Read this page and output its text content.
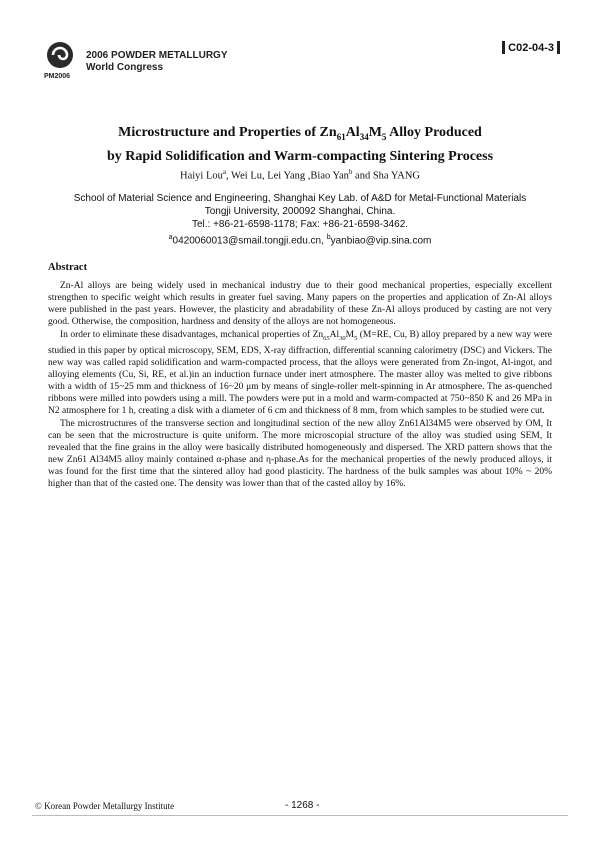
PM2006
2006 POWDER METALLURGY
World Congress
C02-04-3
Microstructure and Properties of $Zn_{61}Al_{34}M_5$ Alloy Produced
by Rapid Solidification and Warm-compacting Sintering Process
Haiyi Lou$^a$, Wei Lu, Lei Yang ,Biao Yan$^b$ and Sha YANG
School of Material Science and Engineering, Shanghai Key Lab. of A&D for Metal-Functional Materials
Tongji University, 200092 Shanghai, China.
Tel.: +86-21-6598-1178; Fax: +86-21-6598-3462.
$^a$0420060013@smail.tongji.edu.cn, $^b$yanbiao@vip.sina.com
Abstract

Zn-Al alloys are being widely used in mechanical industry due to their good mechanical properties, especially excellent strengthen to specific weight which results in greater fuel saving. Many papers on the properties and application of Zn-Al alloys were published in the past years. However, the plasticity and abradability of these Zn-Al alloys produced by casting are not very good. Otherwise, the composition, hardness and density of the alloys are not homogeneous.

In order to eliminate these disadvantages, mchanical properties of $Zn_{65}Al_{30}M_5$ (M=RE, Cu, B) alloy prepared by a new way were studied in this paper by optical microscopy, SEM, EDS, X-ray diffraction, differential scanning calorimetry (DSC) and Vickers. The new way was called rapid solidification and warm-compacted process, that the alloys were generated from Zn-ingot, Al-ingot, and alloying elements (Cu, Si, RE, et al.)in an induction furnace under inert atmosphere. The master alloy was melted to give ribbons with a width of 15~25 mm and thickness of 16~20 μm by means of single-roller melt-spinning in Ar atmosphere. The as-quenched ribbons were milled into powders using a mill. The powders were put in a mold and warm-compacted at 750~850 K and 26 MPa in N2 atmosphere for 1 h, creating a disk with a diameter of 6 cm and thickness of 8 mm, from which samples to be studied were cut.

The microstructures of the transverse section and longitudinal section of the new alloy Zn61Al34M5 were observed by OM, It can be seen that the microstructure is quite uniform. The more microscopial structure of the alloy was studied using SEM, It revealed that the fine grains in the alloy were basically distributed homogeneously and dispersed. The XRD pattern shows that the new Zn61 Al34M5 alloy mainly contained α-phase and η-phase.As for the mechanical properties of the newly produced alloys, it was found for the first time that the sintered alloy had good plasticity. The hardness of the bulk samples was about 10% ~ 20% higher than that of the casted one. The density was lower than that of the casted alloy by 16%.

© Korean Powder Metallurgy Institute	- 1268 -
